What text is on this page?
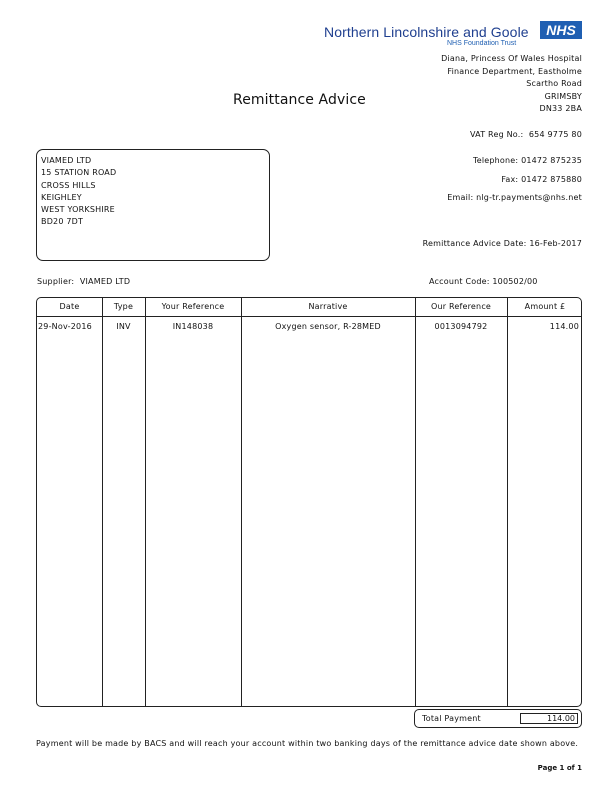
Northern Lincolnshire and Goole	NHS
NHS Foundation Trust
Diana, Princess Of Wales Hospital
Finance Department, Eastholme
Scartho Road
GRIMSBY
DN33 2BA
Remittance Advice
VAT Reg No.: 654 9775 80
Telephone: 01472 875235
Fax: 01472 875880
Email: nlg-tr.payments@nhs.net
Remittance Advice Date: 16-Feb-2017
VIAMED LTD
15 STATION ROAD
CROSS HILLS
KEIGHLEY
WEST YORKSHIRE
BD20 7DT
Supplier: VIAMED LTD	Account Code: 100502/00
Date	Type	Your Reference	Narrative	Our Reference	Amount £
29-Nov-2016	INV	IN148038	Oxygen sensor, R-28MED	0013094792	114.00
Total Payment	114.00
Payment will be made by BACS and will reach your account within two banking days of the remittance advice date shown above.
Page 1 of 1
